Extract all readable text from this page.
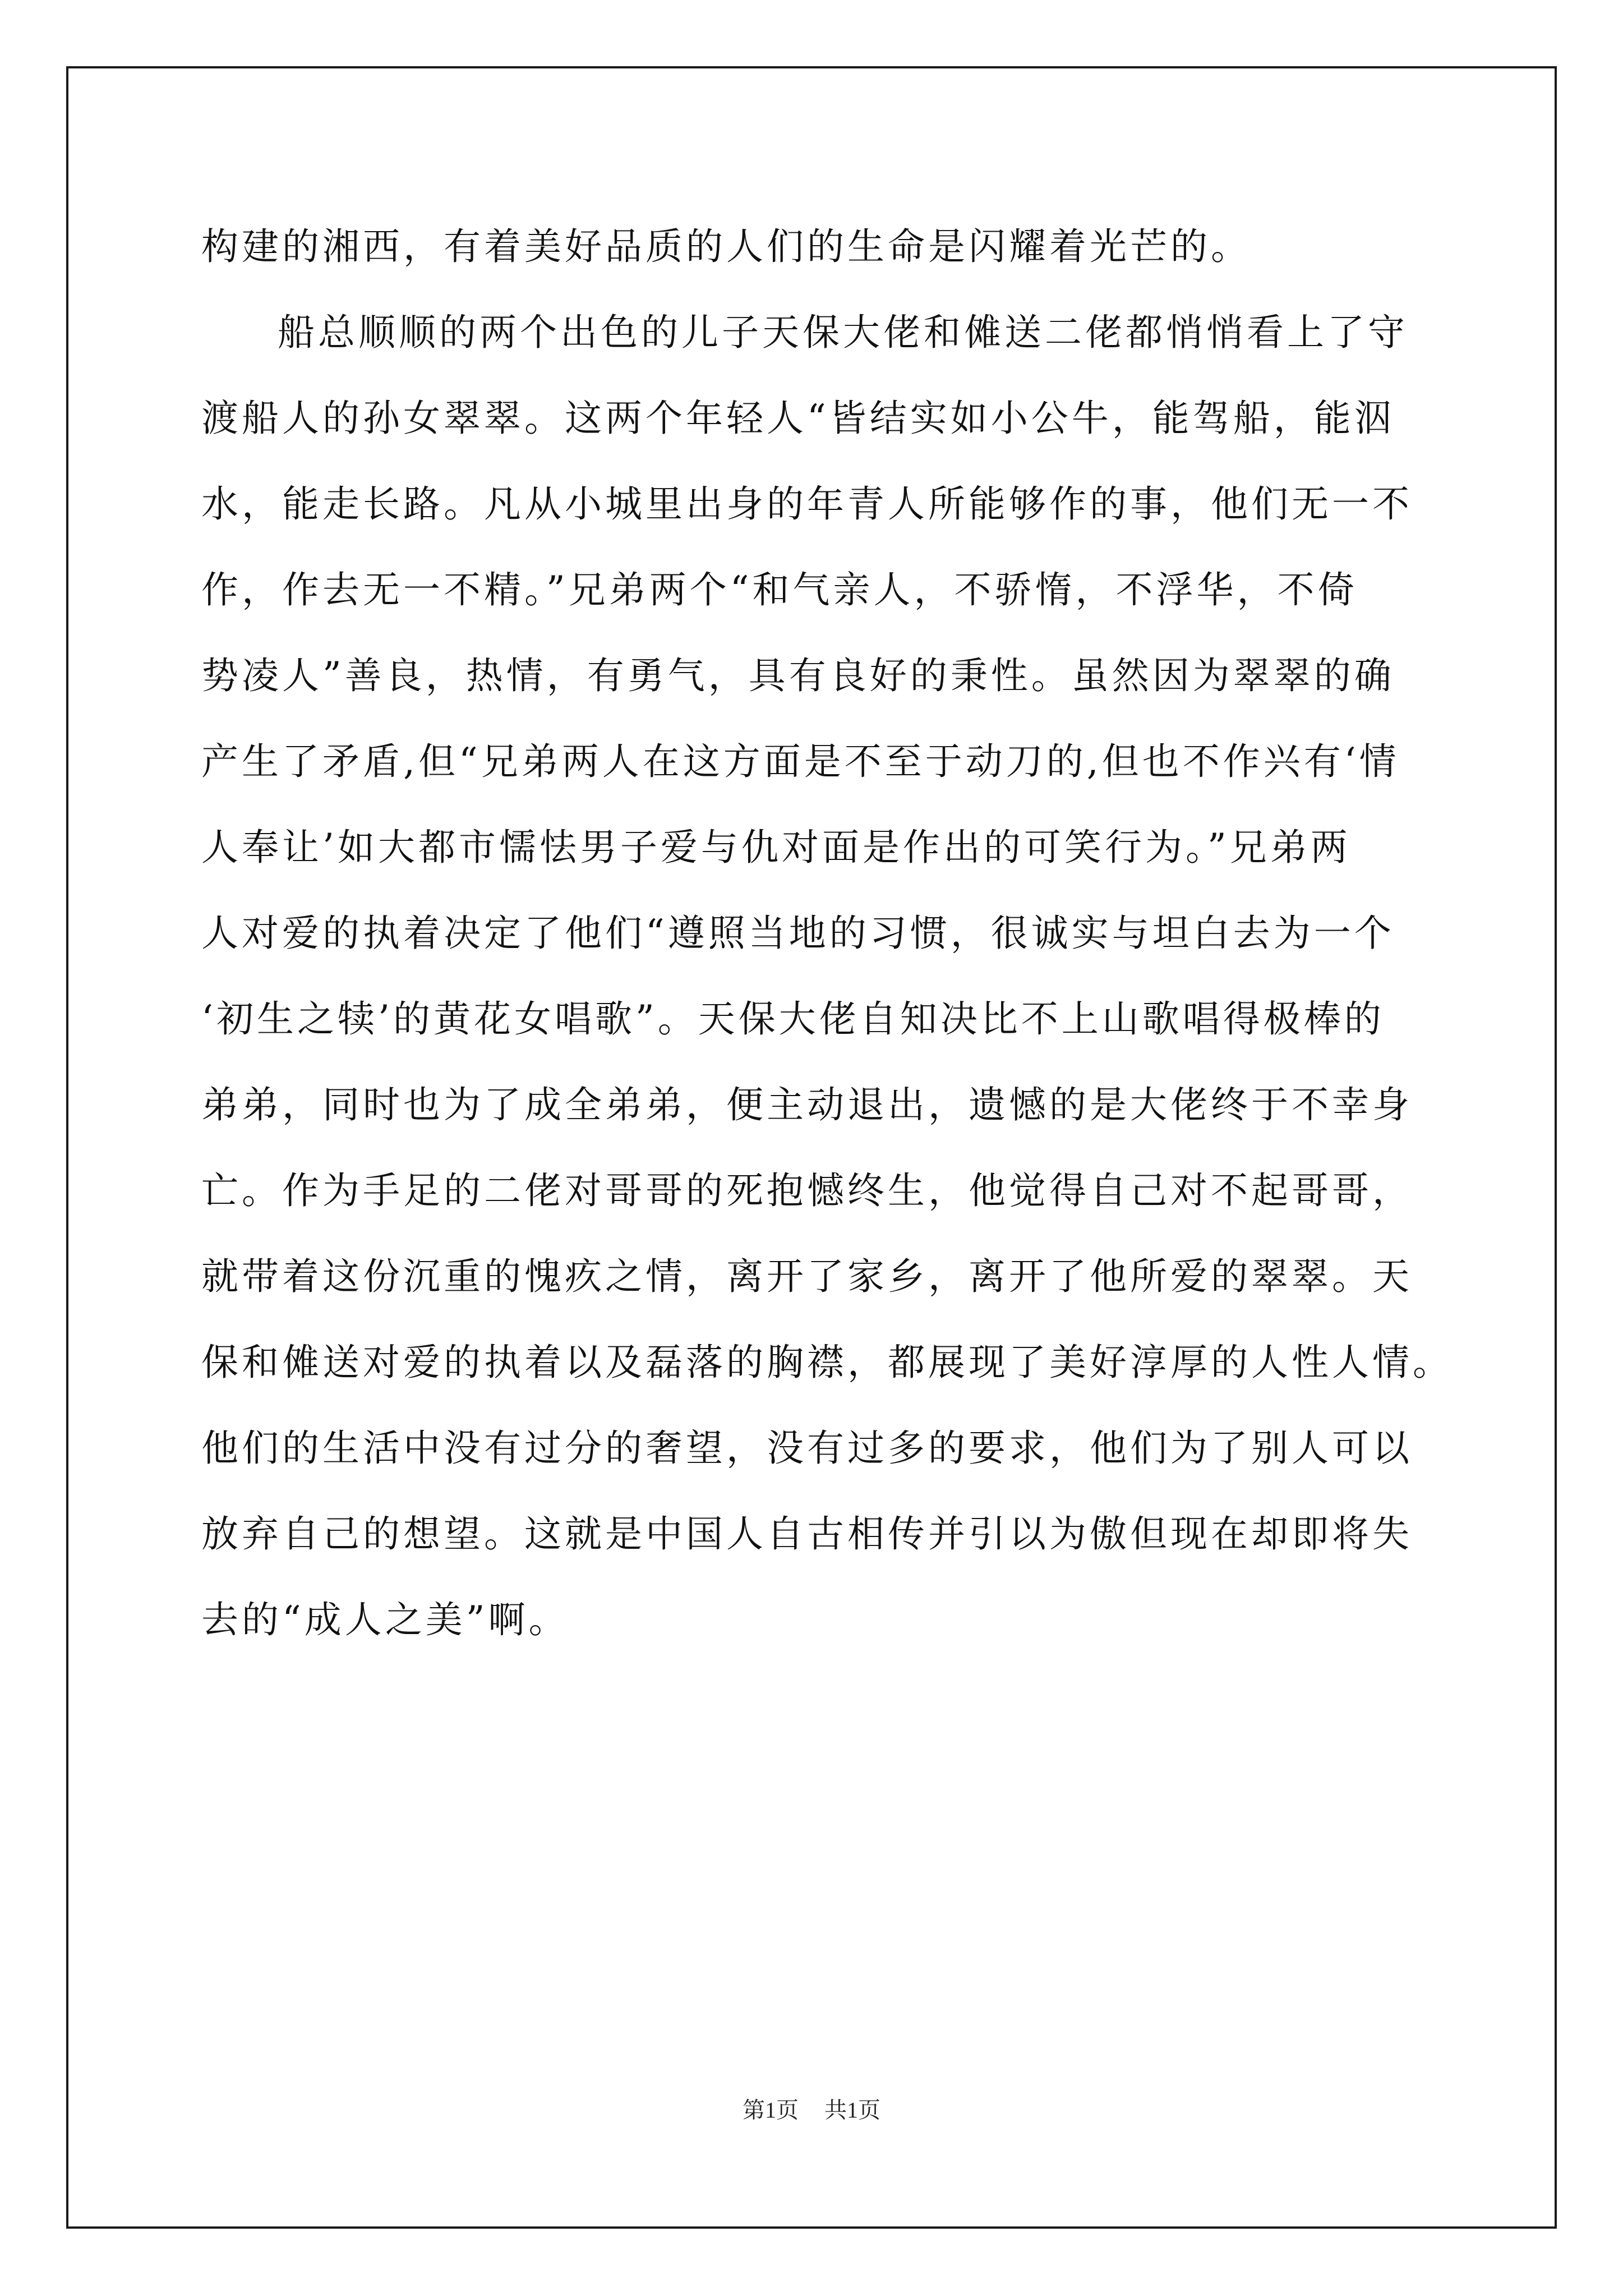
构建的湘西，有着美好品质的人们的生命是闪耀着光芒的。
船总顺顺的两个出色的儿子天保大佬和傩送二佬都悄悄看上了守
渡船人的孙女翠翠。这两个年轻人“皆结实如小公牛，能驾船，能泅
水，能走长路。凡从小城里出身的年青人所能够作的事，他们无一不
作，作去无一不精。”兄弟两个“和气亲人，不骄惰，不浮华，不倚
势凌人”善良，热情，有勇气，具有良好的秉性。虽然因为翠翠的确
产生了矛盾,但“兄弟两人在这方面是不至于动刀的,但也不作兴有‘情
人奉让’如大都市懦怯男子爱与仇对面是作出的可笑行为。”兄弟两
人对爱的执着决定了他们“遵照当地的习惯，很诚实与坦白去为一个
‘初生之犊’的黄花女唱歌”。天保大佬自知决比不上山歌唱得极棒的
弟弟，同时也为了成全弟弟，便主动退出，遗憾的是大佬终于不幸身
亡。作为手足的二佬对哥哥的死抱憾终生，他觉得自己对不起哥哥，
就带着这份沉重的愧疚之情，离开了家乡，离开了他所爱的翠翠。天
保和傩送对爱的执着以及磊落的胸襟，都展现了美好淳厚的人性人情。
他们的生活中没有过分的奢望，没有过多的要求，他们为了别人可以
放弃自己的想望。这就是中国人自古相传并引以为傲但现在却即将失
去的“成人之美”啊。
第1页 共1页
